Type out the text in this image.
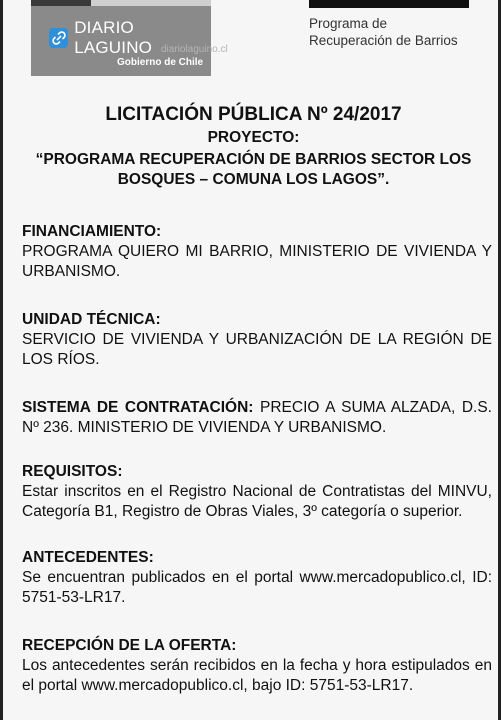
DIARIO LAGUINO diariolaguino.cl
Gobierno de Chile
Programa de
Recuperación de Barrios
LICITACIÓN PÚBLICA Nº 24/2017
PROYECTO:
“PROGRAMA RECUPERACIÓN DE BARRIOS SECTOR LOS
BOSQUES – COMUNA LOS LAGOS”.
FINANCIAMIENTO:
PROGRAMA QUIERO MI BARRIO, MINISTERIO DE VIVIENDA Y URBANISMO.
UNIDAD TÉCNICA:
SERVICIO DE VIVIENDA Y URBANIZACIÓN DE LA REGIÓN DE LOS RÍOS.
SISTEMA DE CONTRATACIÓN: PRECIO A SUMA ALZADA, D.S. Nº 236. MINISTERIO DE VIVIENDA Y URBANISMO.
REQUISITOS:
Estar inscritos en el Registro Nacional de Contratistas del MINVU, Categoría B1, Registro de Obras Viales, 3º categoría o superior.
ANTECEDENTES:
Se encuentran publicados en el portal www.mercadopublico.cl, ID: 5751-53-LR17.
RECEPCIÓN DE LA OFERTA:
Los antecedentes serán recibidos en la fecha y hora estipulados en el portal www.mercadopublico.cl, bajo ID: 5751-53-LR17.
